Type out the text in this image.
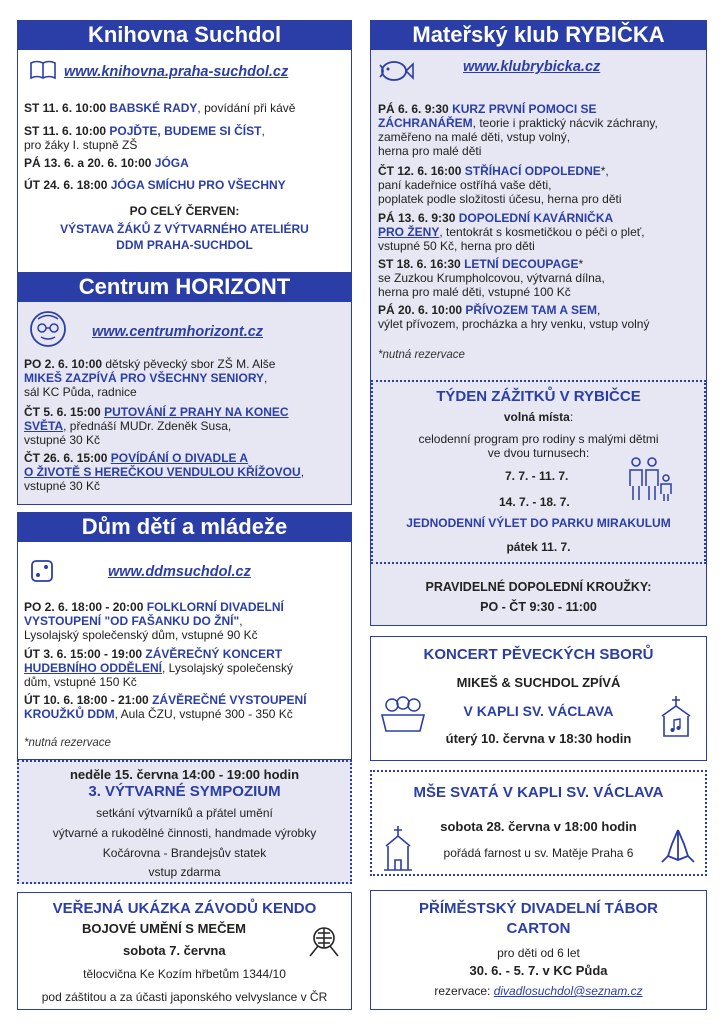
Knihovna Suchdol
www.knihovna.praha-suchdol.cz
ST 11. 6. 10:00 BABSKÉ RADY, povídání při kávě
ST 11. 6. 10:00 POJĎTE, BUDEME SI ČÍST,
pro žáky I. stupně ZŠ
PÁ 13. 6. a 20. 6. 10:00 JÓGA
ÚT 24. 6. 18:00 JÓGA SMÍCHU PRO VŠECHNY
PO CELÝ ČERVEN:
VÝSTAVA ŽÁKŮ Z VÝTVARNÉHO ATELIÉRU
DDM PRAHA-SUCHDOL
Centrum HORIZONT
www.centrumhorizont.cz
PO 2. 6. 10:00 dětský pěvecký sbor ZŠ M. Alše
MIKEŠ ZAZPÍVÁ PRO VŠECHNY SENIORY,
sál KC Půda, radnice
ČT 5. 6. 15:00 PUTOVÁNÍ Z PRAHY NA KONEC
SVĚTA, přednáší MUDr. Zdeněk Susa,
vstupné 30 Kč
ČT 26. 6. 15:00 POVÍDÁNÍ O DIVADLE A
O ŽIVOTĚ S HEREČKOU VENDULOU KŘÍŽOVOU,
vstupné 30 Kč
Dům dětí a mládeže
www.ddmsuchdol.cz
PO 2. 6. 18:00 - 20:00 FOLKLORNÍ DIVADELNÍ
VYSTOUPENÍ "OD FAŠANKU DO ŽNÍ",
Lysolajský společenský dům, vstupné 90 Kč
ÚT 3. 6. 15:00 - 19:00 ZÁVĚREČNÝ KONCERT
HUDEBNÍHO ODDĚLENÍ, Lysolajský společenský
dům, vstupné 150 Kč
ÚT 10. 6. 18:00 - 21:00 ZÁVĚREČNÉ VYSTOUPENÍ
KROUŽKŮ DDM, Aula ČZU, vstupné 300 - 350 Kč
*nutná rezervace
neděle 15. června 14:00 - 19:00 hodin
3. VÝTVARNÉ SYMPOZIUM
setkání výtvarníků a přátel umění
výtvarné a rukodělné činnosti, handmade výrobky
Kočárovna - Brandejsův statek
vstup zdarma
VEŘEJNÁ UKÁZKA ZÁVODŮ KENDO
BOJOVÉ UMĚNÍ S MEČEM
sobota 7. června
tělocvična Ke Kozím hřbetům 1344/10
pod záštitou a za účasti japonského velvyslance v ČR
Mateřský klub RYBIČKA
www.klubrybicka.cz
PÁ 6. 6. 9:30 KURZ PRVNÍ POMOCI SE
ZÁCHRANÁŘEM, teorie i praktický nácvik záchrany,
zaměřeno na malé děti, vstup volný,
herna pro malé děti
ČT 12. 6. 16:00 STŘÍHACÍ ODPOLEDNE*,
paní kadeřnice ostříhá vaše děti,
poplatek podle složitosti účesu, herna pro děti
PÁ 13. 6. 9:30 DOPOLEDNÍ KAVÁRNIČKA
PRO ŽENY, tentokrát s kosmetičkou o péči o pleť,
vstupné 50 Kč, herna pro děti
ST 18. 6. 16:30 LETNÍ DECOUPAGE*
se Zuzkou Krumpholcovou, výtvarná dílna,
herna pro malé děti, vstupné 100 Kč
PÁ 20. 6. 10:00 PŘÍVOZEM TAM A SEM,
výlet přívozem, procházka a hry venku, vstup volný
*nutná rezervace
TÝDEN ZÁŽITKŮ V RYBIČCE
volná místa:
celodenní program pro rodiny s malými dětmi
ve dvou turnusech:
7. 7. - 11. 7.
14. 7. - 18. 7.
JEDNODENNÍ VÝLET DO PARKU MIRAKULUM
pátek 11. 7.
PRAVIDELNÉ DOPOLEDNÍ KROUŽKY:
PO - ČT 9:30 - 11:00
KONCERT PĚVECKÝCH SBORŮ
MIKEŠ & SUCHDOL ZPÍVÁ
V KAPLI SV. VÁCLAVA
úterý 10. června v 18:30 hodin
MŠE SVATÁ V KAPLI SV. VÁCLAVA
sobota 28. června v 18:00 hodin
pořádá farnost u sv. Matěje Praha 6
PŘÍMĚSTSKÝ DIVADELNÍ TÁBOR
CARTON
pro děti od 6 let
30. 6. - 5. 7. v KC Půda
rezervace: divadlosuchdol@seznam.cz
